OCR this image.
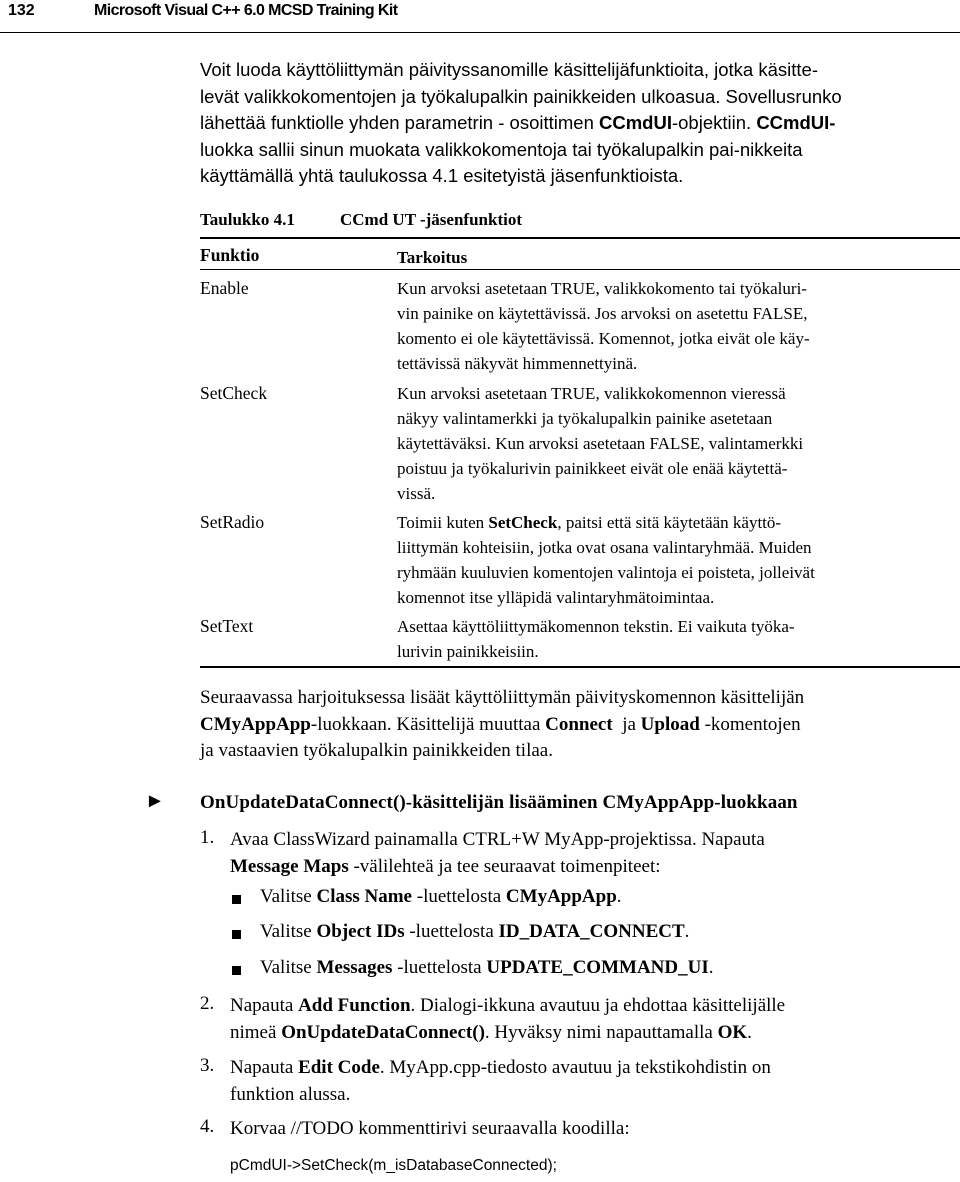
132	Microsoft Visual C++ 6.0 MCSD Training Kit
Voit luoda käyttöliittymän päivityssanomille käsittelijäfunktioita, jotka käsitte-
levät valikkokomentojen ja työkalupalkin painikkeiden ulkoasua. Sovellusrunko
lähettää funktiolle yhden parametrin - osoittimen CCmdUI-objektiin. CCmdUI-
luokka sallii sinun muokata valikkokomentoja tai työkalupalkin pai-nikkeita
käyttämällä yhtä taulukossa 4.1 esitetyistä jäsenfunktioista.
Taulukko 4.1	CCmd UT -jäsenfunktiot
Funktio	Tarkoitus
Enable	Kun arvoksi asetetaan TRUE, valikkokomento tai työkaluri-
vin painike on käytettävissä. Jos arvoksi on asetettu FALSE,
komento ei ole käytettävissä. Komennot, jotka eivät ole käy-
tettävissä näkyvät himmennettyinä.
SetCheck	Kun arvoksi asetetaan TRUE, valikkokomennon vieressä
näkyy valintamerkki ja työkalupalkin painike asetetaan
käytettäväksi. Kun arvoksi asetetaan FALSE, valintamerkki
poistuu ja työkalurivin painikkeet eivät ole enää käytettä-
vissä.
SetRadio	Toimii kuten SetCheck, paitsi että sitä käytetään käyttö-
liittymän kohteisiin, jotka ovat osana valintaryhmää. Muiden
ryhmään kuuluvien komentojen valintoja ei poisteta, jolleivät
komennot itse ylläpidä valintaryhmätoimintaa.
SetText	Asettaa käyttöliittymäkomennon tekstin. Ei vaikuta työka-
lurivin painikkeisiin.
Seuraavassa harjoituksessa lisäät käyttöliittymän päivityskomennon käsittelijän
CMyAppApp-luokkaan. Käsittelijä muuttaa Connect  ja Upload -komentojen
ja vastaavien työkalupalkin painikkeiden tilaa.
► OnUpdateDataConnect()-käsittelijän lisääminen CMyAppApp-luokkaan
1. Avaa ClassWizard painamalla CTRL+W MyApp-projektissa. Napauta
Message Maps -välilehteä ja tee seuraavat toimenpiteet:
Valitse Class Name -luettelosta CMyAppApp.
Valitse Object IDs -luettelosta ID_DATA_CONNECT.
Valitse Messages -luettelosta UPDATE_COMMAND_UI.
2. Napauta Add Function. Dialogi-ikkuna avautuu ja ehdottaa käsittelijälle
nimeä OnUpdateDataConnect(). Hyväksy nimi napauttamalla OK.
3. Napauta Edit Code. MyApp.cpp-tiedosto avautuu ja tekstikohdistin on
funktion alussa.
4. Korvaa //TODO kommenttirivi seuraavalla koodilla:
pCmdUI->SetCheck(m_isDatabaseConnected);
